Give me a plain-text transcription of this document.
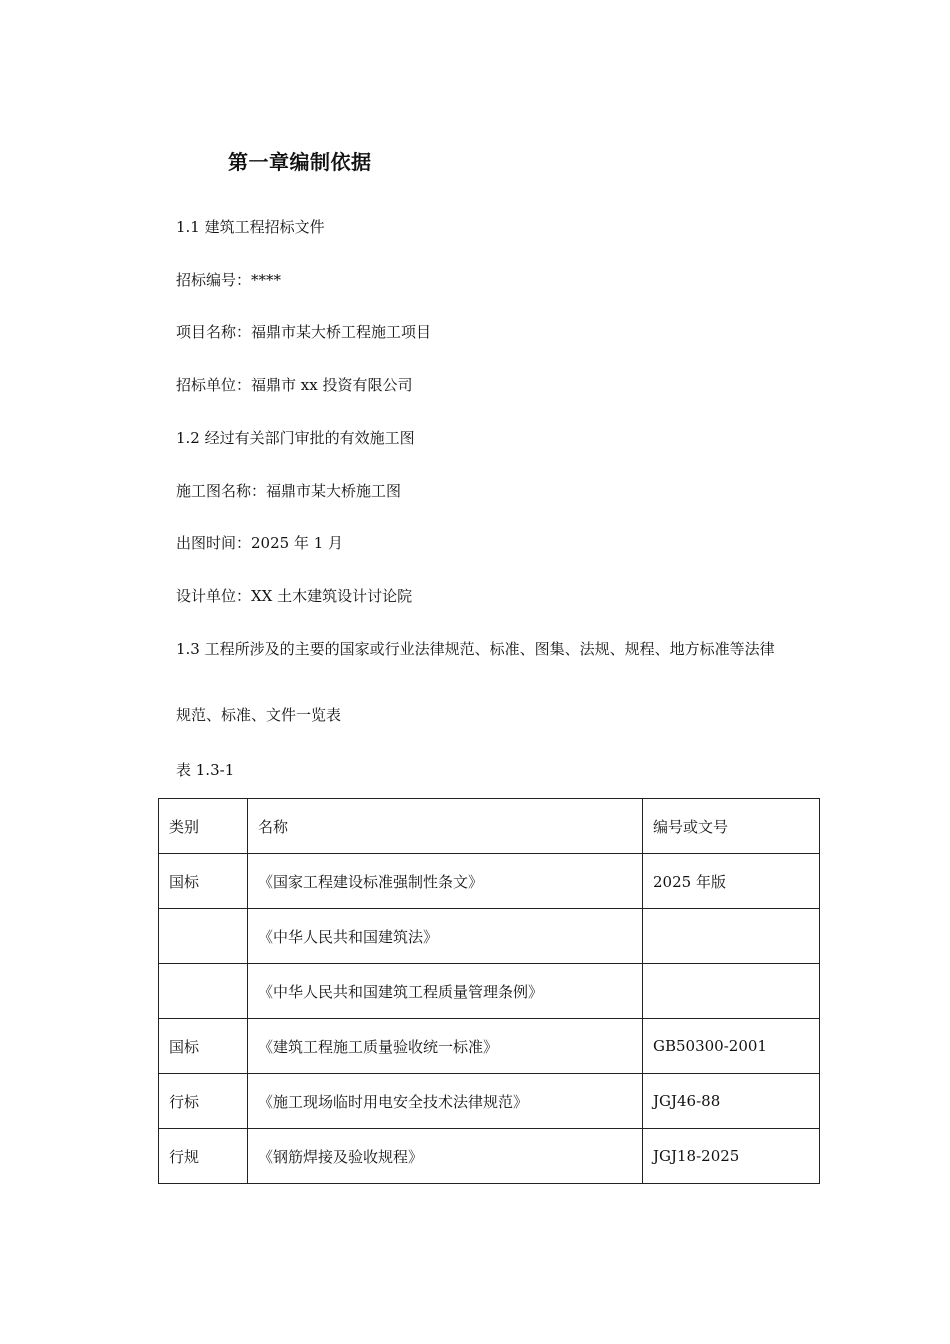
第一章编制依据
1.1 建筑工程招标文件
招标编号：****
项目名称：福鼎市某大桥工程施工项目
招标单位：福鼎市 xx 投资有限公司
1.2 经过有关部门审批的有效施工图
施工图名称：福鼎市某大桥施工图
出图时间：2025 年 1 月
设计单位：XX 土木建筑设计讨论院
1.3 工程所涉及的主要的国家或行业法律规范、标准、图集、法规、规程、地方标准等法律
规范、标准、文件一览表
表 1.3-1
类别	名称	编号或文号
国标	《国家工程建设标准强制性条文》	2025 年版
	《中华人民共和国建筑法》	
	《中华人民共和国建筑工程质量管理条例》	
国标	《建筑工程施工质量验收统一标准》	GB50300-2001
行标	《施工现场临时用电安全技术法律规范》	JGJ46-88
行规	《钢筋焊接及验收规程》	JGJ18-2025
